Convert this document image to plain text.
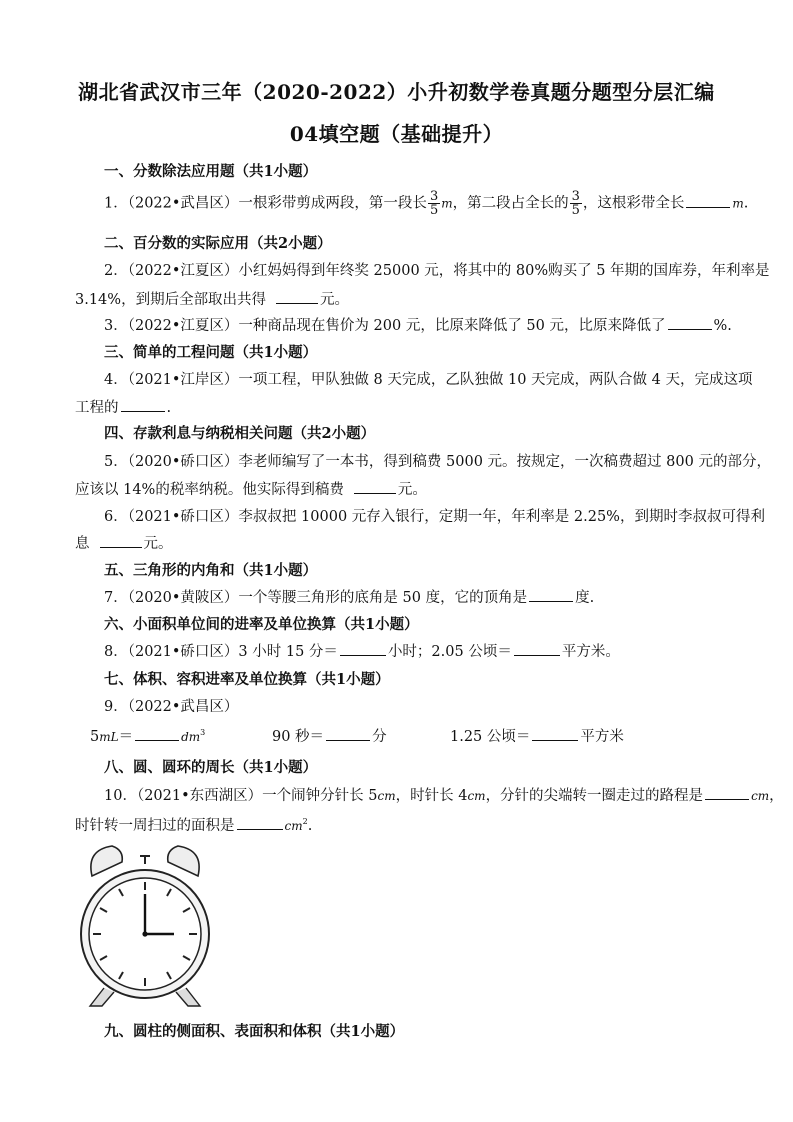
湖北省武汉市三年（2020-2022）小升初数学卷真题分题型分层汇编
04填空题（基础提升）
一、分数除法应用题（共1小题）
1．（2022•武昌区）一根彩带剪成两段，第一段长 $\frac{3}{5}$ m，第二段占全长的 $\frac{3}{5}$ ，这根彩带全长	m.
二、百分数的实际应用（共2小题）
2．（2022•江夏区）小红妈妈得到年终奖 25000 元，将其中的 80%购买了 5 年期的国库券，年利率是
3.14%，到期后全部取出共得	元。
3．（2022•江夏区）一种商品现在售价为 200 元，比原来降低了 50 元，比原来降低了	%.
三、简单的工程问题（共1小题）
4．（2021•江岸区）一项工程，甲队独做 8 天完成，乙队独做 10 天完成，两队合做 4 天，完成这项
工程的	.
四、存款利息与纳税相关问题（共2小题）
5．（2020•硚口区）李老师编写了一本书，得到稿费 5000 元。按规定，一次稿费超过 800 元的部分，
应该以 14%的税率纳税。他实际得到稿费	元。
6．（2021•硚口区）李叔叔把 10000 元存入银行，定期一年，年利率是 2.25%，到期时李叔叔可得利
息	元。
五、三角形的内角和（共1小题）
7．（2020•黄陂区）一个等腰三角形的底角是 50 度，它的顶角是	度.
六、小面积单位间的进率及单位换算（共1小题）
8．（2021•硚口区）3 小时 15 分＝	小时；2.05 公顷＝	平方米。
七、体积、容积进率及单位换算（共1小题）
9．（2022•武昌区）
5mL＝	$dm^3$	90 秒＝	分	1.25 公顷＝	平方米
八、圆、圆环的周长（共1小题）
10．（2021•东西湖区）一个闹钟分针长 5cm，时针长 4cm，分针的尖端转一圈走过的路程是	cm，
时针转一周扫过的面积是	$cm^2$.
九、圆柱的侧面积、表面积和体积（共1小题）
